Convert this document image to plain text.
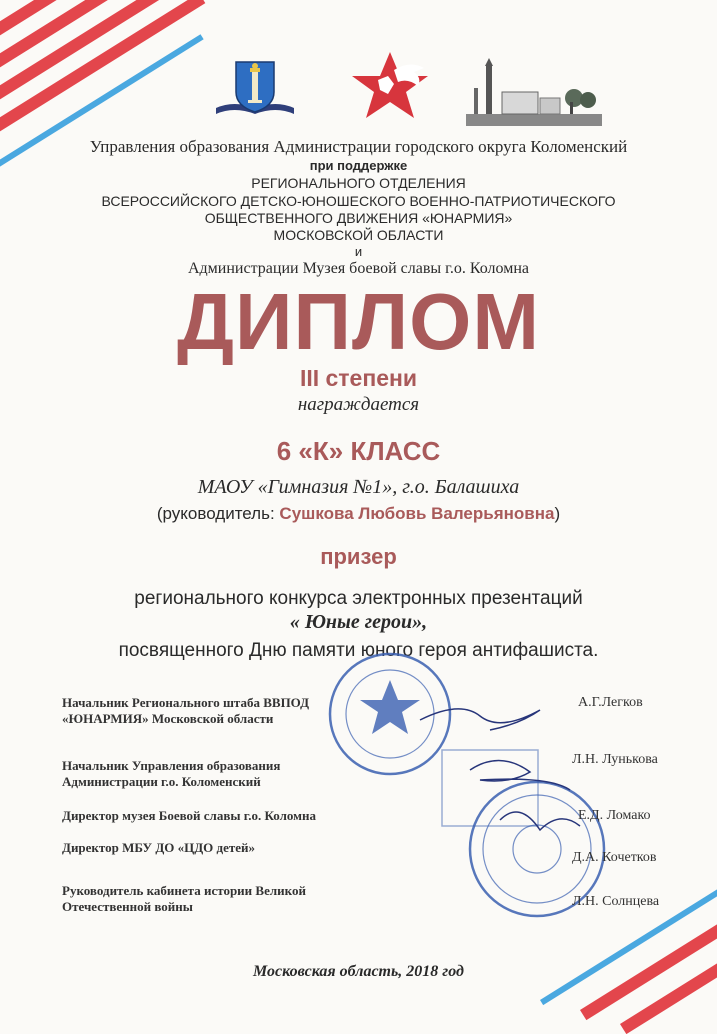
Управления образования Администрации городского округа Коломенский
при поддержке
РЕГИОНАЛЬНОГО ОТДЕЛЕНИЯ
ВСЕРОССИЙСКОГО ДЕТСКО-ЮНОШЕСКОГО ВОЕННО-ПАТРИОТИЧЕСКОГО
ОБЩЕСТВЕННОГО ДВИЖЕНИЯ «ЮНАРМИЯ»
МОСКОВСКОЙ ОБЛАСТИ
и
Администрации Музея боевой славы г.о. Коломна
ДИПЛОМ
III степени
награждается
6 «К» КЛАСС
МАОУ «Гимназия №1», г.о. Балашиха
(руководитель: Сушкова Любовь Валерьяновна)
призер
регионального конкурса электронных презентаций
« Юные герои»,
посвященного Дню памяти юного героя антифашиста.
Начальник Регионального штаба ВВПОД «ЮНАРМИЯ» Московской области
А.Г.Легков
Начальник Управления образования Администрации г.о. Коломенский
Л.Н. Лунькова
Директор музея Боевой славы г.о. Коломна	Е.Д. Ломако
Директор МБУ ДО «ЦДО детей»
Д.А. Кочетков
Руководитель кабинета истории Великой Отечественной войны	Л.Н. Солнцева
Московская область, 2018 год
